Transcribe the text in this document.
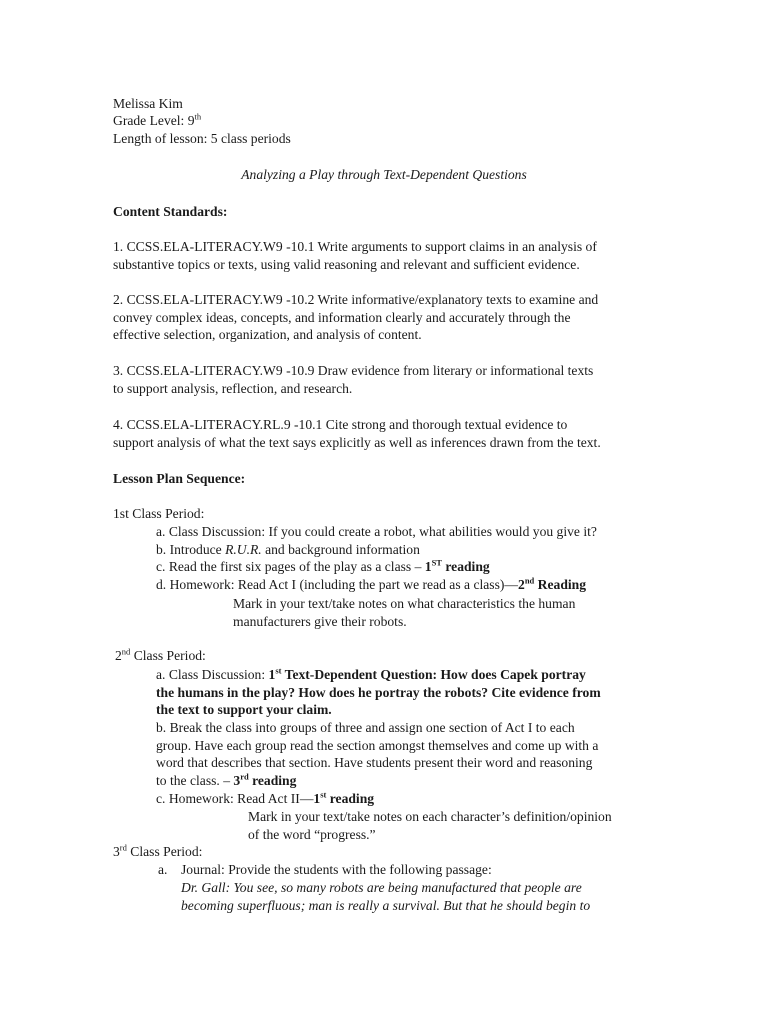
Melissa Kim
Grade Level: 9th
Length of lesson: 5 class periods
Analyzing a Play through Text-Dependent Questions
Content Standards:
1. CCSS.ELA-LITERACY.W9 -10.1 Write arguments to support claims in an analysis of
substantive topics or texts, using valid reasoning and relevant and sufficient evidence.
2. CCSS.ELA-LITERACY.W9 -10.2 Write informative/explanatory texts to examine and
convey complex ideas, concepts, and information clearly and accurately through the
effective selection, organization, and analysis of content.
3. CCSS.ELA-LITERACY.W9 -10.9 Draw evidence from literary or informational texts
to support analysis, reflection, and research.
4. CCSS.ELA-LITERACY.RL.9 -10.1 Cite strong and thorough textual evidence to
support analysis of what the text says explicitly as well as inferences drawn from the text.
Lesson Plan Sequence:
1st Class Period:
a. Class Discussion: If you could create a robot, what abilities would you give it?
b. Introduce R.U.R. and background information
c. Read the first six pages of the play as a class – 1ST reading
d. Homework: Read Act I (including the part we read as a class)—2nd Reading
Mark in your text/take notes on what characteristics the human
manufacturers give their robots.
2nd Class Period:
a. Class Discussion: 1st Text-Dependent Question: How does Capek portray
the humans in the play? How does he portray the robots? Cite evidence from
the text to support your claim.
b. Break the class into groups of three and assign one section of Act I to each
group. Have each group read the section amongst themselves and come up with a
word that describes that section. Have students present their word and reasoning
to the class. – 3rd reading
c. Homework: Read Act II—1st reading
Mark in your text/take notes on each character’s definition/opinion
of the word “progress.”
3rd Class Period:
a. Journal: Provide the students with the following passage:
Dr. Gall: You see, so many robots are being manufactured that people are
becoming superfluous; man is really a survival. But that he should begin to
